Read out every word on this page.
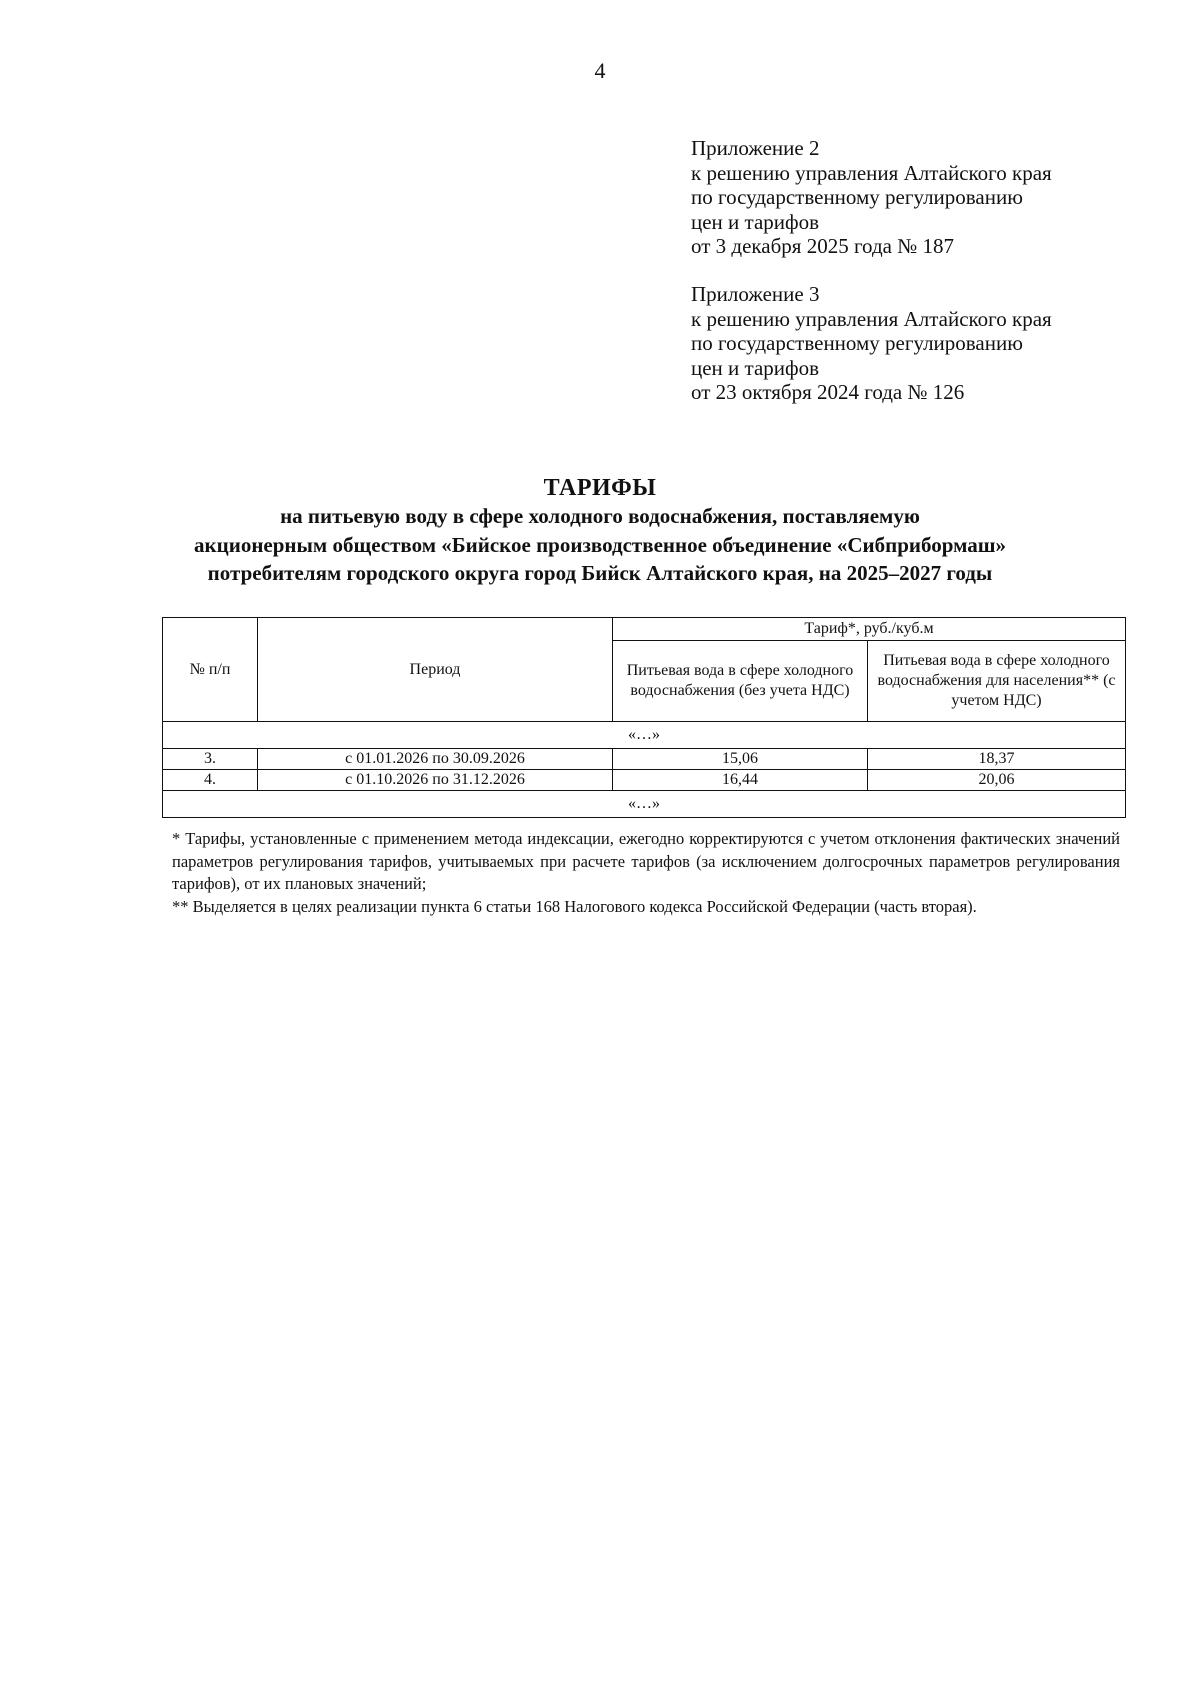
4
Приложение 2
к решению управления Алтайского края
по государственному регулированию
цен и тарифов
от 3 декабря 2025 года № 187
Приложение 3
к решению управления Алтайского края
по государственному регулированию
цен и тарифов
от 23 октября 2024 года № 126
ТАРИФЫ
на питьевую воду в сфере холодного водоснабжения, поставляемую
акционерным обществом «Бийское производственное объединение «Сибприбормаш»
потребителям городского округа город Бийск Алтайского края, на 2025–2027 годы
№ п/п	Период	Тариф*, руб./куб.м	

		Питьевая вода в сфере холодного водоснабжения (без учета НДС)	Питьевая вода в сфере холодного водоснабжения для населения** (с учетом НДС)

«…»			
3.	с 01.01.2026 по 30.09.2026	15,06	18,37
4.	с 01.10.2026 по 31.12.2026	16,44	20,06
«…»			

* Тарифы, установленные с применением метода индексации, ежегодно корректируются с учетом отклонения фактических значений параметров регулирования тарифов, учитываемых при расчете тарифов (за исключением долгосрочных параметров регулирования тарифов), от их плановых значений;

** Выделяется в целях реализации пункта 6 статьи 168 Налогового кодекса Российской Федерации (часть вторая).
